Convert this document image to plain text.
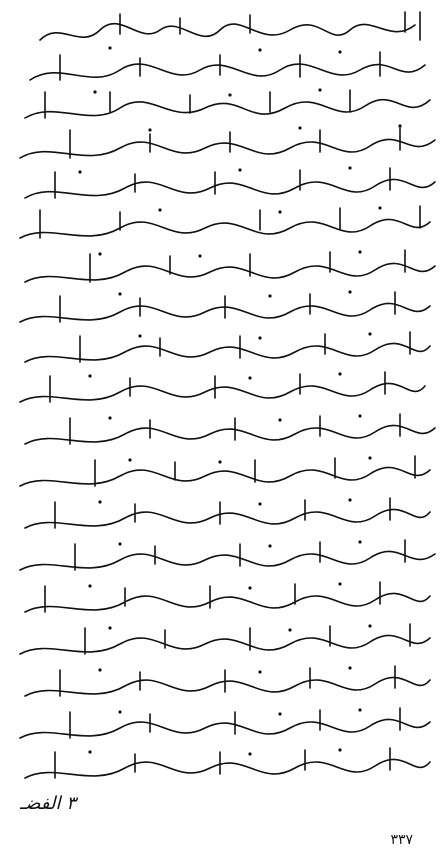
٣ الفضـ
٣٣٧
